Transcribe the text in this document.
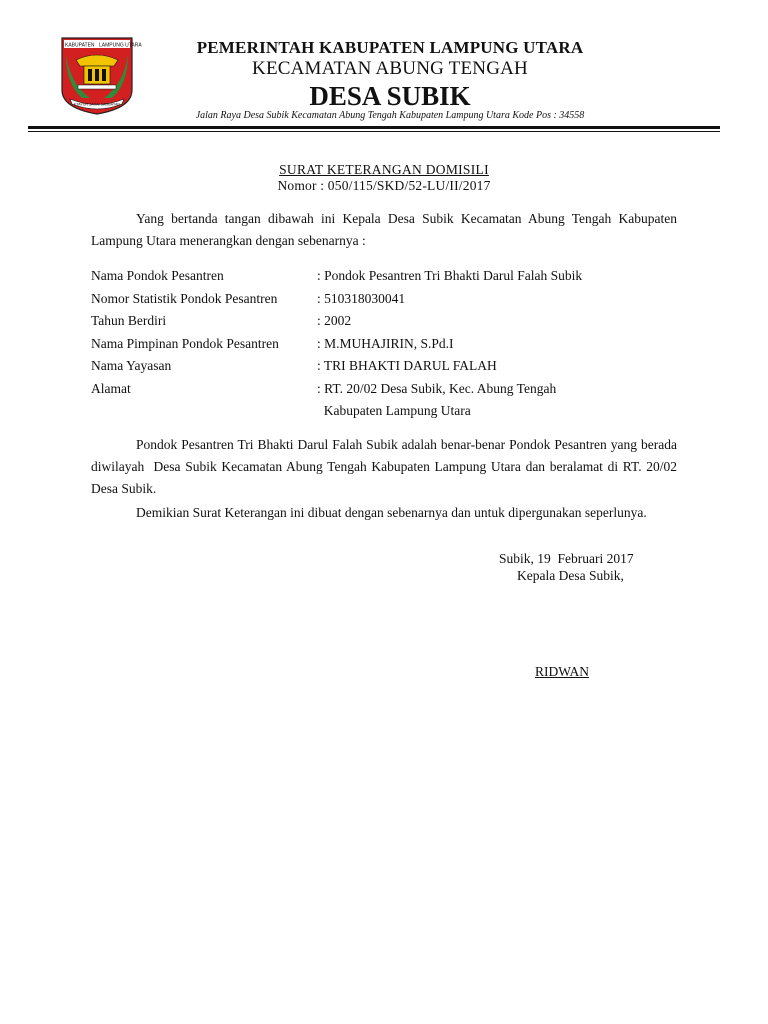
KABUPATEN LAMPUNG UTARA
ETAYUN SAKAI SAMBAYAN
PEMERINTAH KABUPATEN LAMPUNG UTARA
KECAMATAN ABUNG TENGAH
DESA SUBIK
Jalan Raya Desa Subik Kecamatan Abung Tengah Kabupaten Lampung Utara Kode Pos : 34558
SURAT KETERANGAN DOMISILI
Nomor : 050/115/SKD/52-LU/II/2017
Yang bertanda tangan dibawah ini Kepala Desa Subik Kecamatan Abung Tengah Kabupaten Lampung Utara menerangkan dengan sebenarnya :
Nama Pondok Pesantren	: Pondok Pesantren Tri Bhakti Darul Falah Subik
Nomor Statistik Pondok Pesantren	: 510318030041
Tahun Berdiri	: 2002
Nama Pimpinan Pondok Pesantren	: M.MUHAJIRIN, S.Pd.I
Nama Yayasan	: TRI BHAKTI DARUL FALAH
Alamat	: RT. 20/02 Desa Subik, Kec. Abung Tengah
Kabupaten Lampung Utara
Pondok Pesantren Tri Bhakti Darul Falah Subik adalah benar-benar Pondok Pesantren yang berada  diwilayah  Desa Subik Kecamatan Abung Tengah Kabupaten Lampung Utara dan beralamat di RT. 20/02 Desa Subik.
Demikian Surat Keterangan ini dibuat dengan sebenarnya dan untuk dipergunakan seperlunya.
Subik, 19  Februari 2017
Kepala Desa Subik,
RIDWAN
